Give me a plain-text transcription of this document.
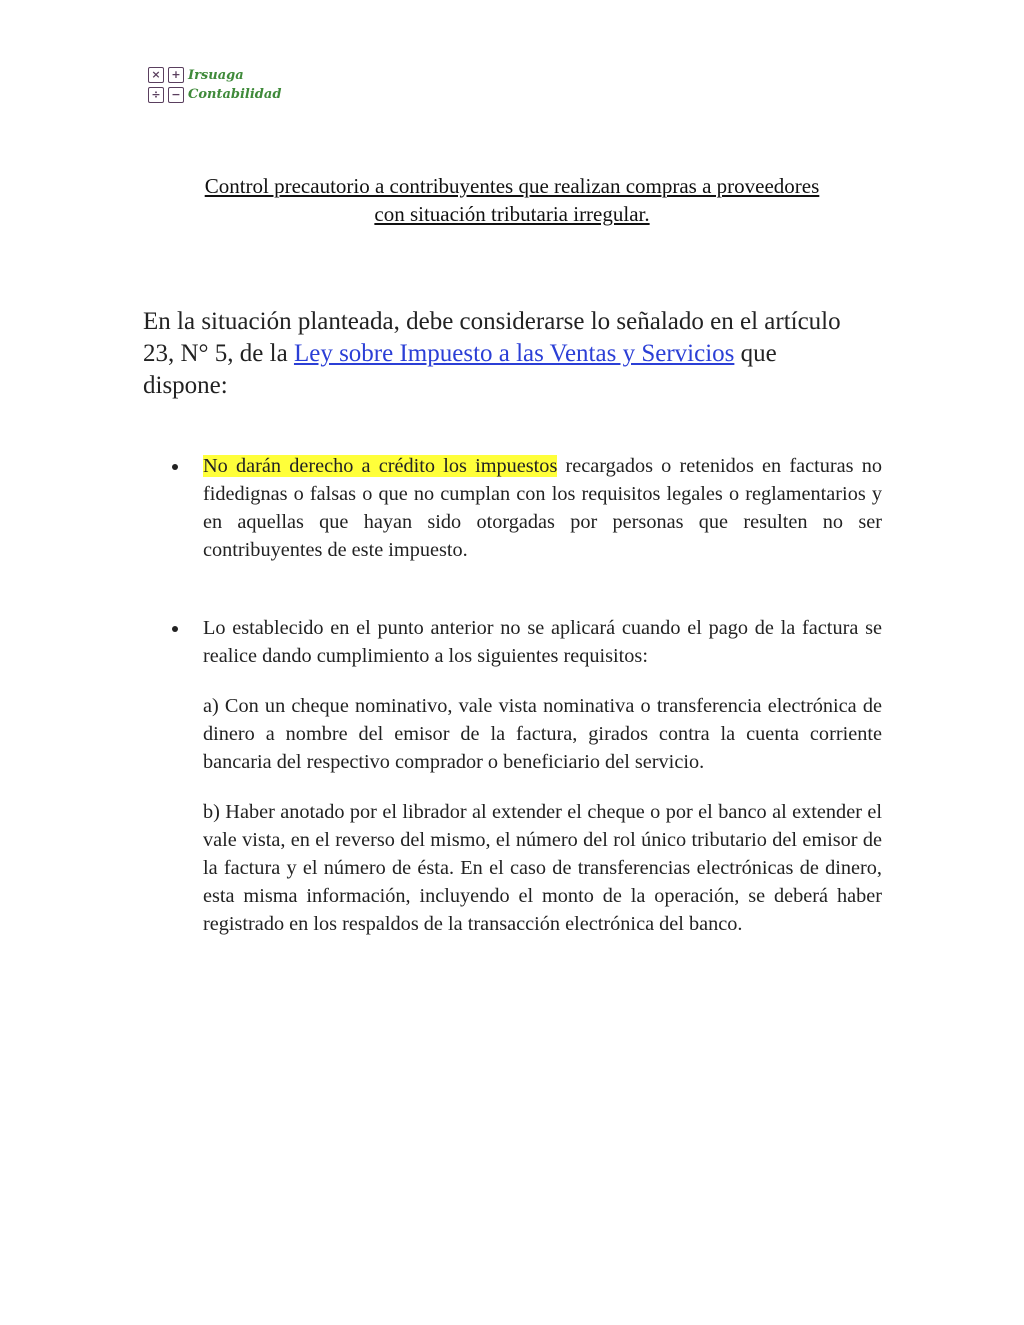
× +
÷ −
Irsuaga
Contabilidad
Control precautorio a contribuyentes que realizan compras a proveedores
con situación tributaria irregular.
En la situación planteada, debe considerarse lo señalado en el artículo 23, N° 5, de la Ley sobre Impuesto a las Ventas y Servicios que dispone:

No darán derecho a crédito los impuestos recargados o retenidos en facturas no fidedignas o falsas o que no cumplan con los requisitos legales o reglamentarios y en aquellas que hayan sido otorgadas por personas que resulten no ser contribuyentes de este impuesto.

Lo establecido en el punto anterior no se aplicará cuando el pago de la factura se realice dando cumplimiento a los siguientes requisitos:

a) Con un cheque nominativo, vale vista nominativa o transferencia electrónica de dinero a nombre del emisor de la factura, girados contra la cuenta corriente bancaria del respectivo comprador o beneficiario del servicio.

b) Haber anotado por el librador al extender el cheque o por el banco al extender el vale vista, en el reverso del mismo, el número del rol único tributario del emisor de la factura y el número de ésta. En el caso de transferencias electrónicas de dinero, esta misma información, incluyendo el monto de la operación, se deberá haber registrado en los respaldos de la transacción electrónica del banco.
